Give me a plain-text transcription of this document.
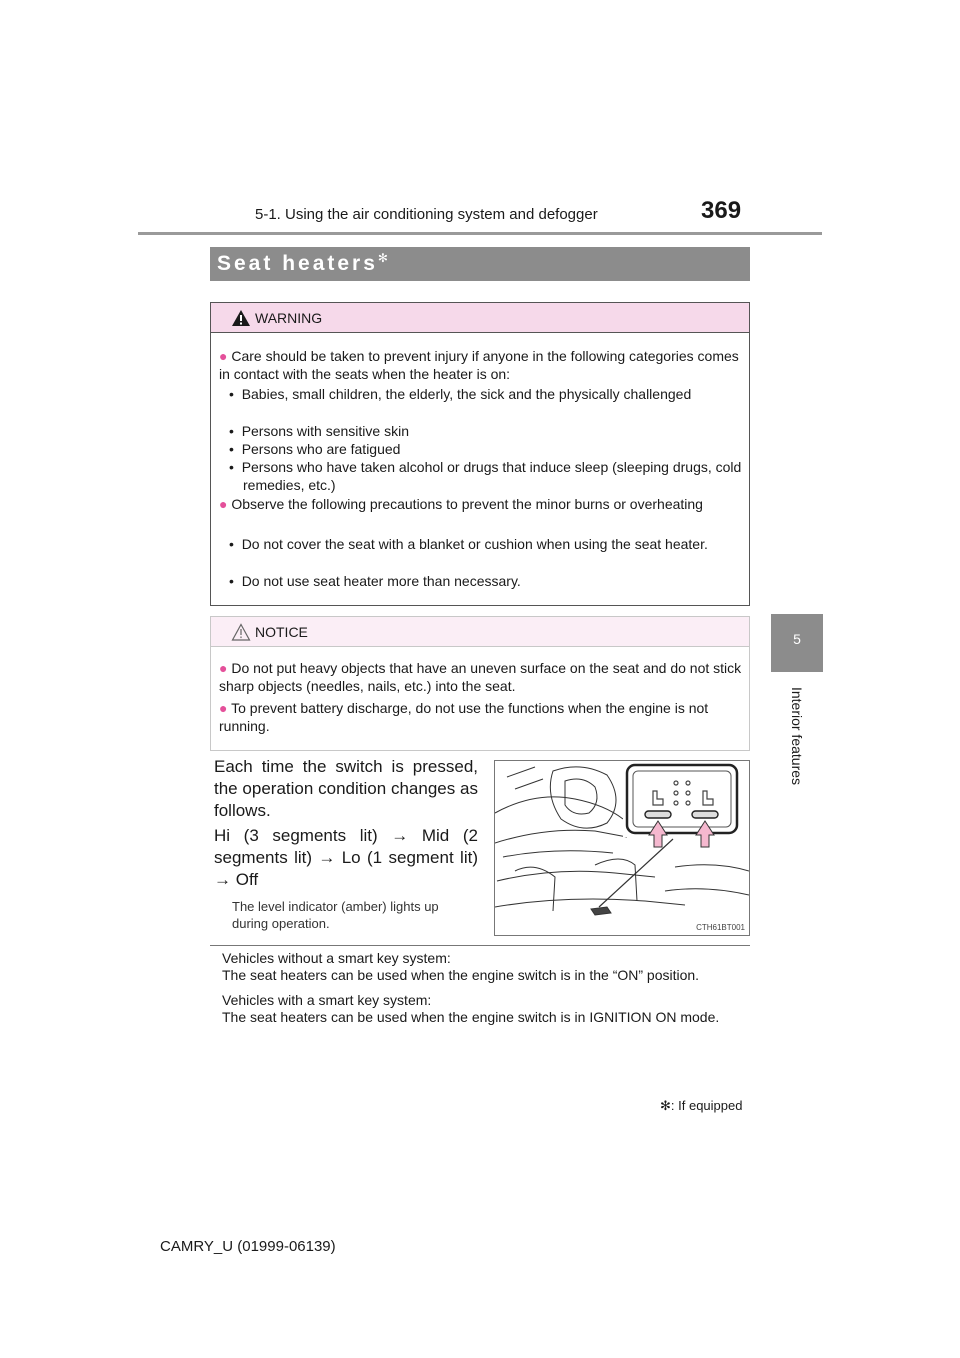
5-1. Using the air conditioning system and defogger	369
5
Interior features
Seat heaters✻
WARNING
● Care should be taken to prevent injury if anyone in the following categories comes in contact with the seats when the heater is on:
•  Babies, small children, the elderly, the sick and the physically challenged
•  Persons with sensitive skin
•  Persons who are fatigued
•  Persons who have taken alcohol or drugs that induce sleep (sleeping drugs, cold remedies, etc.)
● Observe the following precautions to prevent the minor burns or overheating
•  Do not cover the seat with a blanket or cushion when using the seat heater.
•  Do not use seat heater more than necessary.
NOTICE
● Do not put heavy objects that have an uneven surface on the seat and do not stick sharp objects (needles, nails, etc.) into the seat.
● To prevent battery discharge, do not use the functions when the engine is not running.
Each time the switch is pressed, the operation condition changes as follows.
Hi (3 segments lit) → Mid (2 segments lit) → Lo (1 segment lit) → Off
The level indicator (amber) lights up during operation.	CTH61BT001
Vehicles without a smart key system:
The seat heaters can be used when the engine switch is in the “ON” position.
Vehicles with a smart key system:
The seat heaters can be used when the engine switch is in IGNITION ON mode.
✻: If equipped
CAMRY_U (01999-06139)
